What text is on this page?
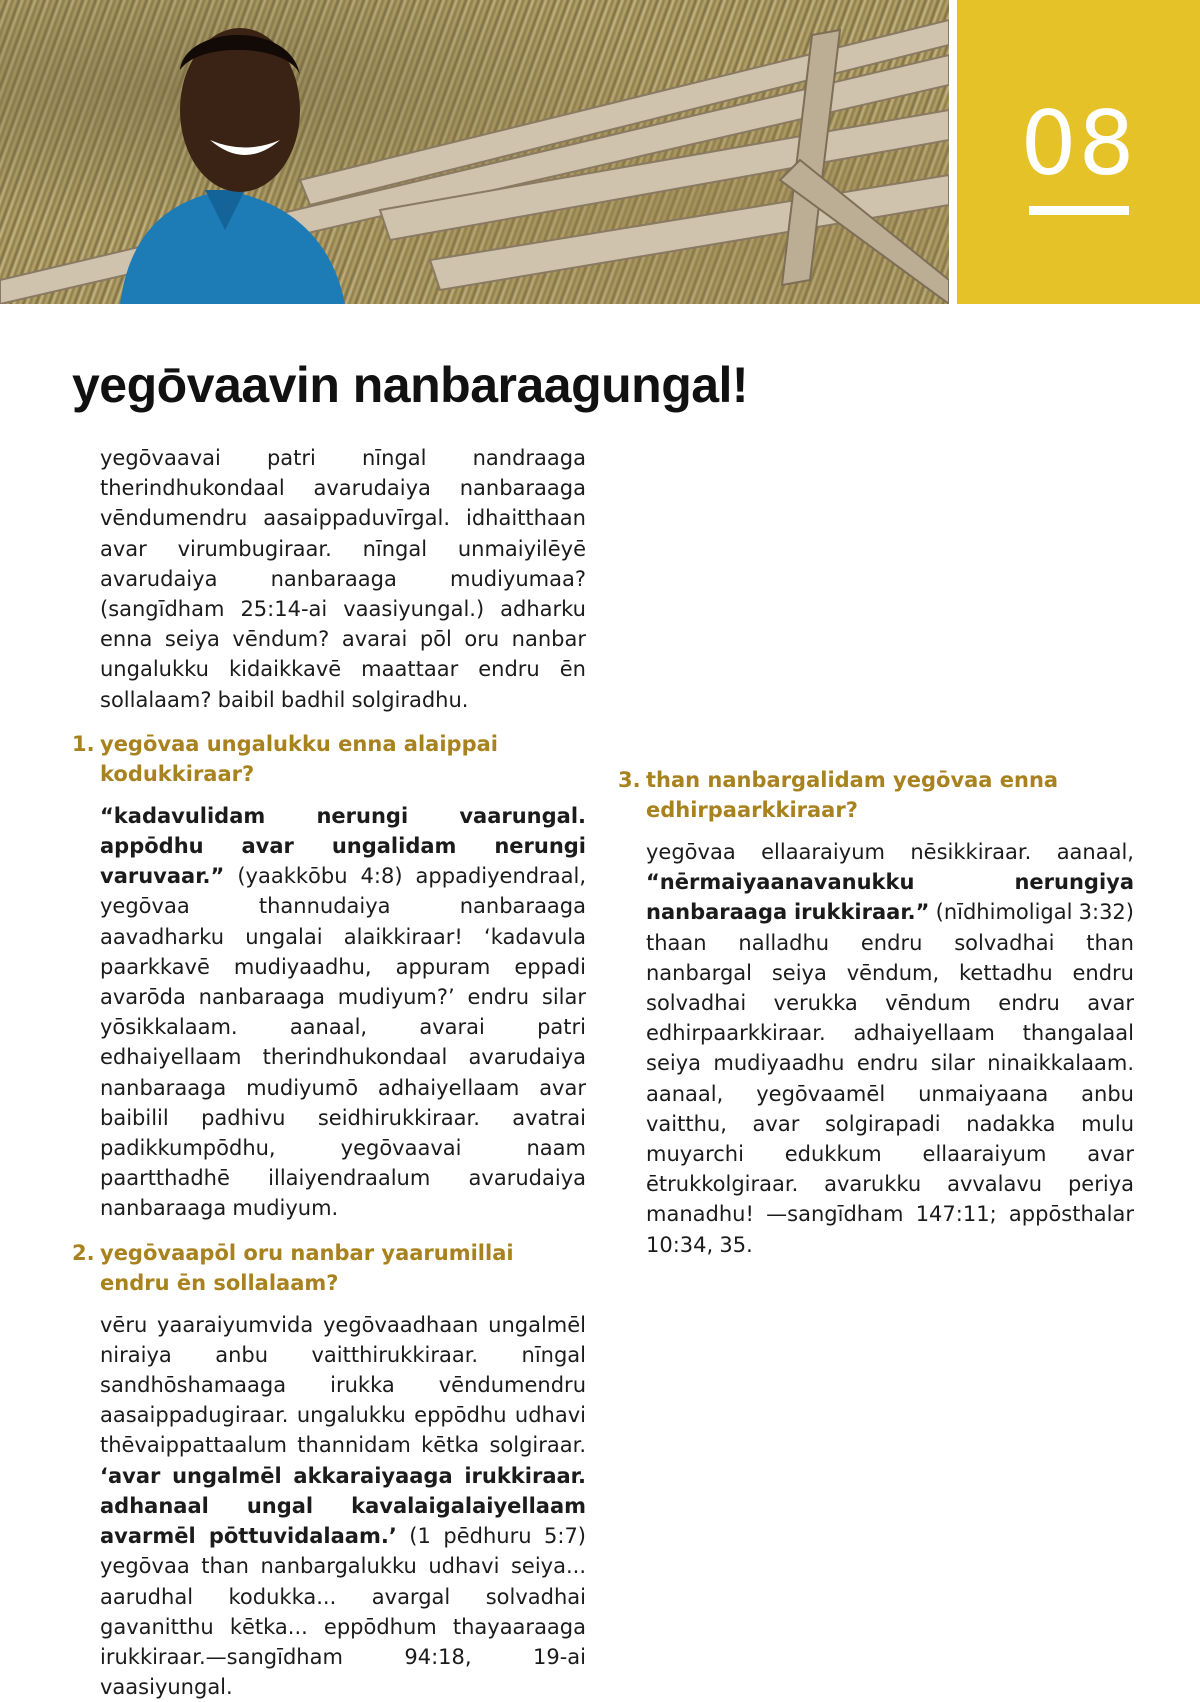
08
yegōvaavin nanbaraagungal!

yegōvaavai patri nīngal nandraaga therindhukondaal avarudaiya nanbaraaga vēndumendru aasaippaduvīrgal. idhaitthaan avar virumbugiraar. nīngal unmaiyilēyē avarudaiya nanbaraaga mudiyumaa? (sangīdham 25:14-ai vaasiyungal.) adharku enna seiya vēndum? avarai pōl oru nanbar ungalukku kidaikkavē maattaar endru ēn sollalaam? baibil badhil solgiradhu.

1. yegōvaa ungalukku enna alaippai kodukkiraar?

“kadavulidam nerungi vaarungal. appōdhu avar ungalidam nerungi varuvaar.” (yaakkōbu 4:8) appadiyendraal, yegōvaa thannudaiya nanbaraaga aavadharku ungalai alaikkiraar! ‘kadavula paarkkavē mudiyaadhu, appuram eppadi avarōda nanbaraaga mudiyum?’ endru silar yōsikkalaam. aanaal, avarai patri edhaiyellaam therindhukondaal avarudaiya nanbaraaga mudiyumō adhaiyellaam avar baibilil padhivu seidhirukkiraar. avatrai padikkumpōdhu, yegōvaavai naam paartthadhē illaiyendraalum avarudaiya nanbaraaga mudiyum.

2. yegōvaapōl oru nanbar yaarumillai endru ēn sollalaam?

vēru yaaraiyumvida yegōvaadhaan ungalmēl niraiya anbu vaitthirukkiraar. nīngal sandhōshamaaga irukka vēndumendru aasaippadugiraar. ungalukku eppōdhu udhavi thēvaippattaalum thannidam kētka solgiraar. ‘avar ungalmēl akkaraiyaaga irukkiraar. adhanaal ungal kavalaigalaiyellaam avarmēl pōttuvidalaam.’ (1 pēdhuru 5:7) yegōvaa than nanbargalukku udhavi seiya... aarudhal kodukka... avargal solvadhai gavanitthu kētka... eppōdhum thayaaraaga irukkiraar.—sangīdham 94:18, 19-ai vaasiyungal.

3. than nanbargalidam yegōvaa enna edhirpaarkkiraar?

yegōvaa ellaaraiyum nēsikkiraar. aanaal, “nērmaiyaanavanukku nerungiya nanbaraaga irukkiraar.” (nīdhimoligal 3:32) thaan nalladhu endru solvadhai than nanbargal seiya vēndum, kettadhu endru solvadhai verukka vēndum endru avar edhirpaarkkiraar. adhaiyellaam thangalaal seiya mudiyaadhu endru silar ninaikkalaam. aanaal, yegōvaamēl unmaiyaana anbu vaitthu, avar solgirapadi nadakka mulu muyarchi edukkum ellaaraiyum avar ētrukkolgiraar. avarukku avvalavu periya manadhu! —sangīdham 147:11; appōsthalar 10:34, 35.
